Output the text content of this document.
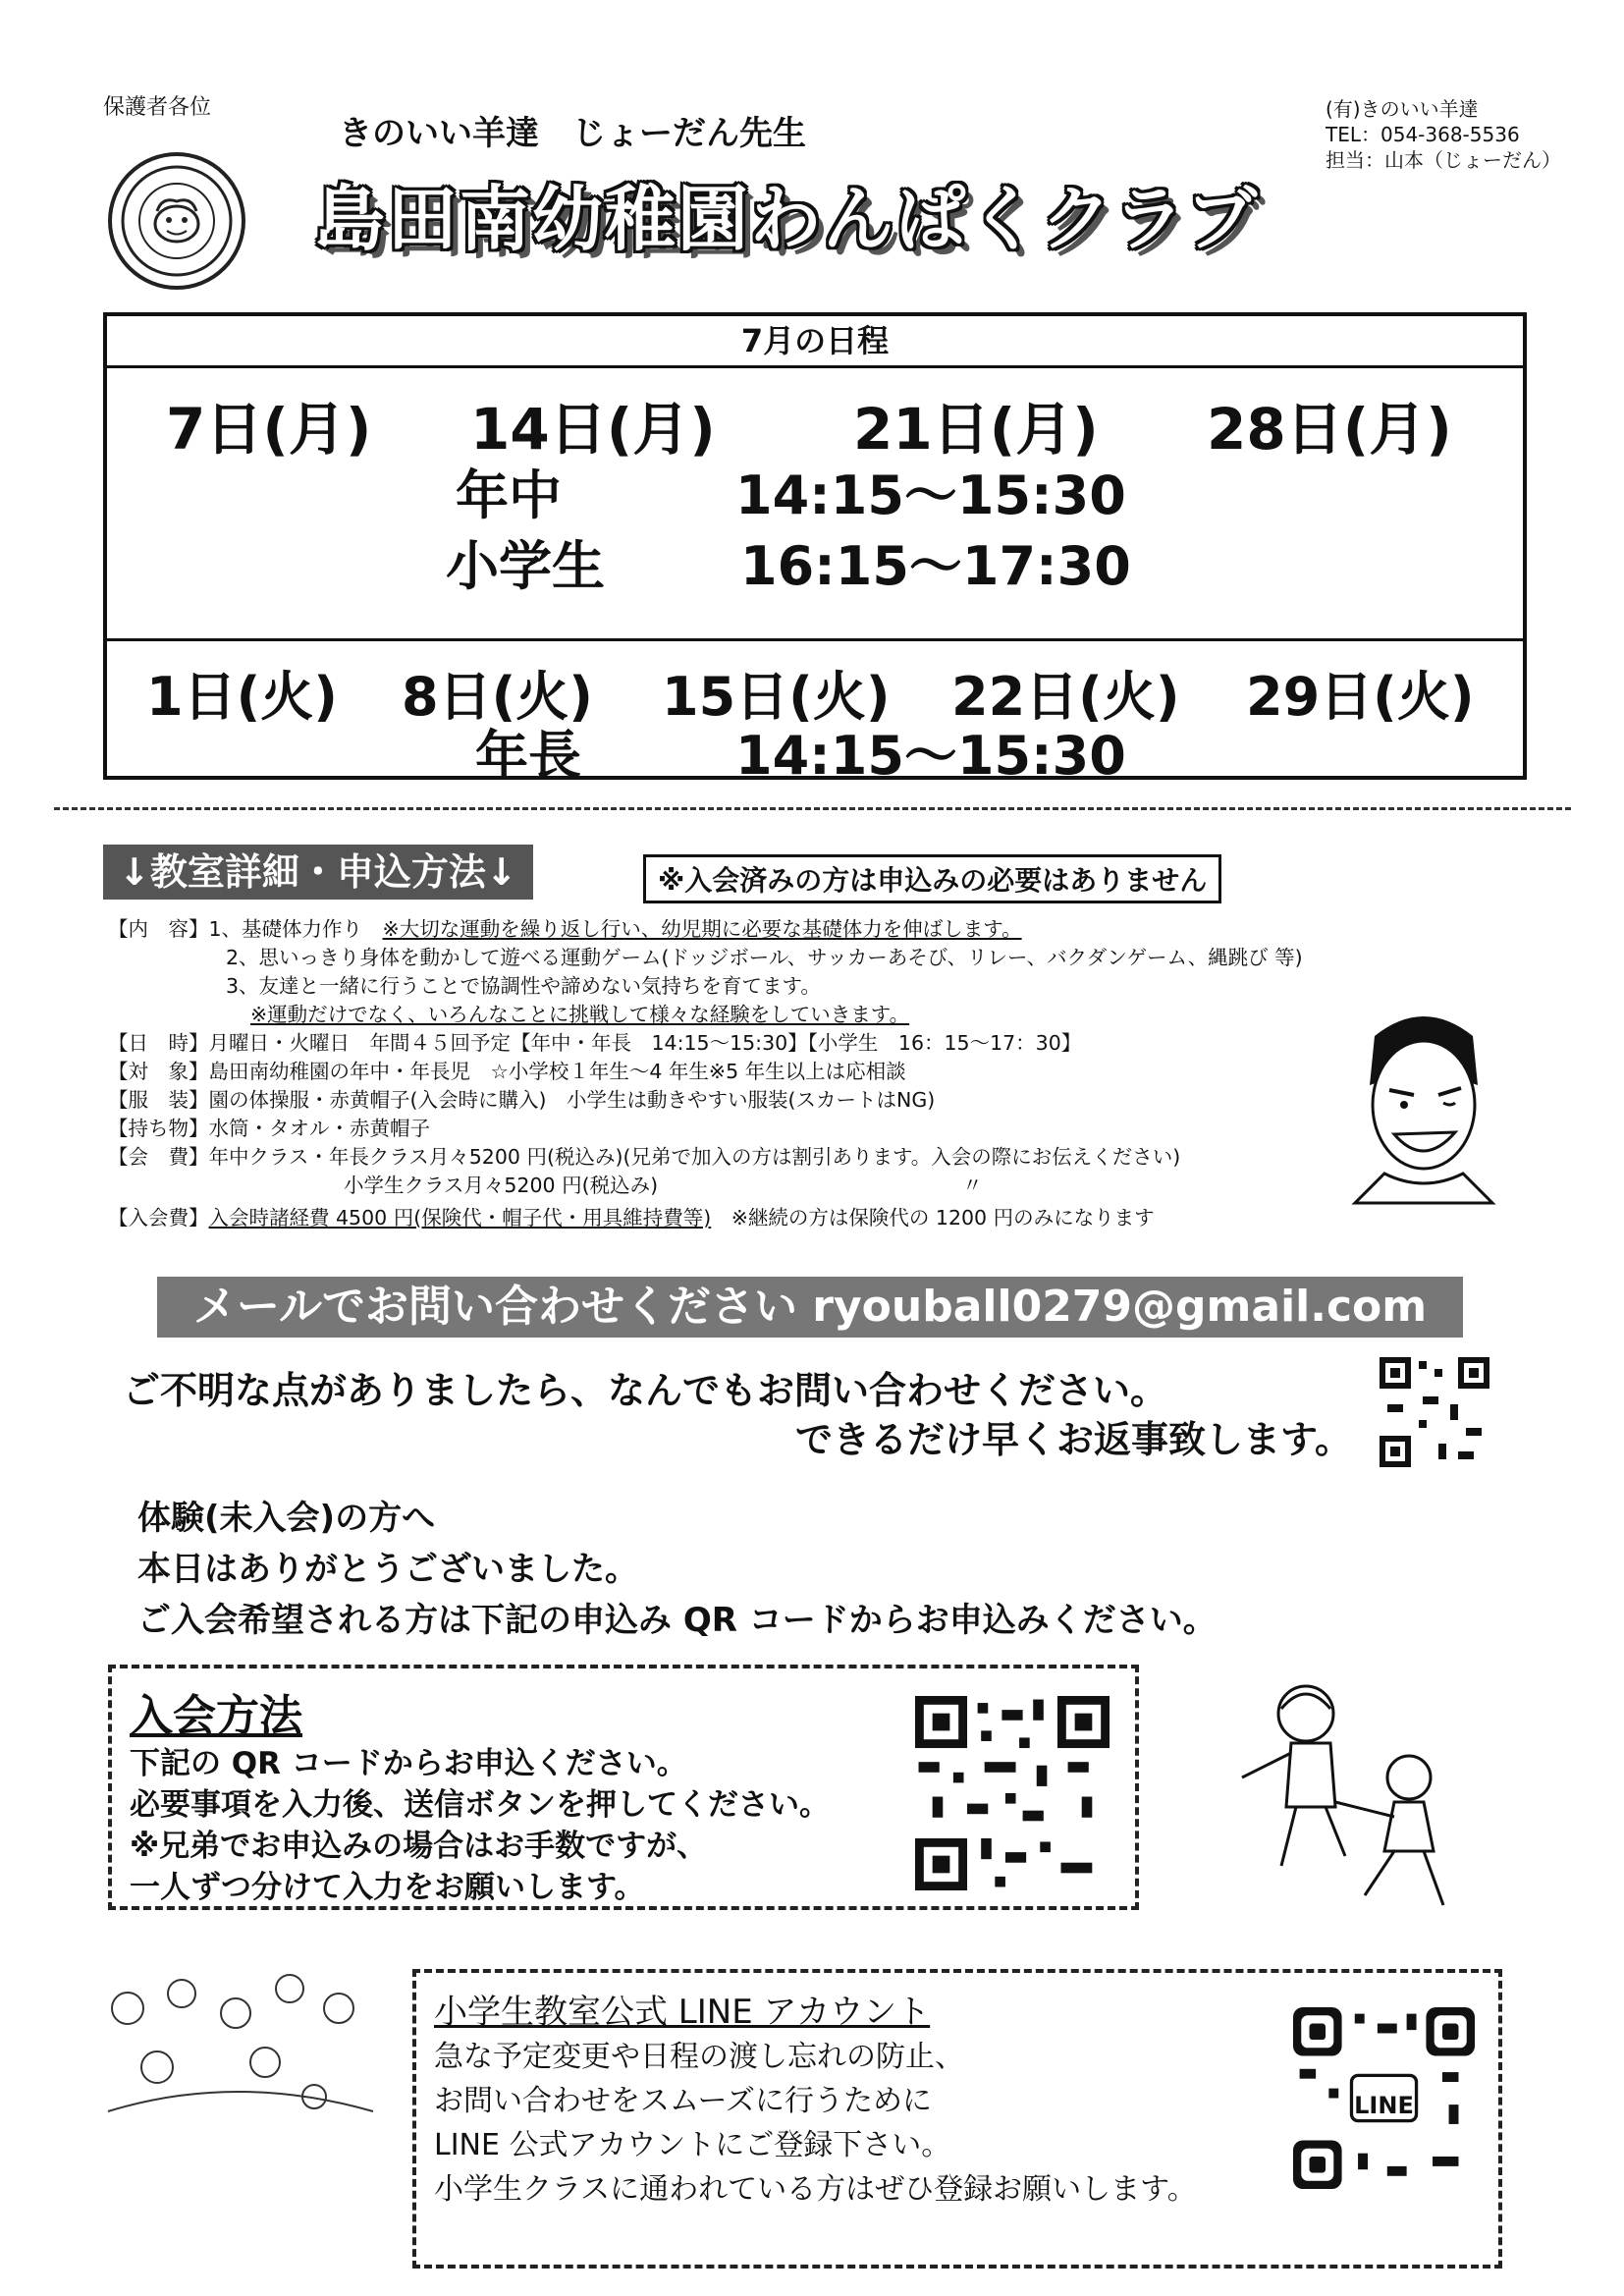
保護者各位
きのいい羊達　じょーだん先生
(有)きのいい羊達
TEL：054-368-5536
担当：山本（じょーだん）
島田南幼稚園わんぱくクラブ
7月の日程
7日(月) 14日(月) 21日(月) 28日(月)
年中	14:15～15:30
小学生	16:15～17:30
1日(火) 8日(火) 15日(火) 22日(火) 29日(火)
年長	14:15～15:30
↓教室詳細・申込方法↓	※入会済みの方は申込みの必要はありません
【内　容】1、基礎体力作り　※大切な運動を繰り返し行い、幼児期に必要な基礎体力を伸ばします。
2、思いっきり身体を動かして遊べる運動ゲーム(ドッジボール、サッカーあそび、リレー、バクダンゲーム、縄跳び 等)
3、友達と一緒に行うことで協調性や諦めない気持ちを育てます。
※運動だけでなく、いろんなことに挑戦して様々な経験をしていきます。
【日　時】月曜日・火曜日　年間４５回予定【年中・年長　14:15～15:30】【小学生　16：15～17：30】
【対　象】島田南幼稚園の年中・年長児　☆小学校１年生～4 年生※5 年生以上は応相談
【服　装】園の体操服・赤黄帽子(入会時に購入)　小学生は動きやすい服装(スカートはNG)
【持ち物】水筒・タオル・赤黄帽子
【会　費】年中クラス・年長クラス月々5200 円(税込み)(兄弟で加入の方は割引あります。入会の際にお伝えください)
小学生クラス月々5200 円(税込み)	〃
【入会費】入会時諸経費 4500 円(保険代・帽子代・用具維持費等)　 ※継続の方は保険代の 1200 円のみになります
メールでお問い合わせください ryouball0279@gmail.com
ご不明な点がありましたら、なんでもお問い合わせください。
できるだけ早くお返事致します。
体験(未入会)の方へ
本日はありがとうございました。
ご入会希望される方は下記の申込み QR コードからお申込みください。
入会方法
下記の QR コードからお申込ください。
必要事項を入力後、送信ボタンを押してください。
※兄弟でお申込みの場合はお手数ですが、
一人ずつ分けて入力をお願いします。
小学生教室公式 LINE アカウント
急な予定変更や日程の渡し忘れの防止、
お問い合わせをスムーズに行うために
LINE 公式アカウントにご登録下さい。
小学生クラスに通われている方はぜひ登録お願いします。
LINE
